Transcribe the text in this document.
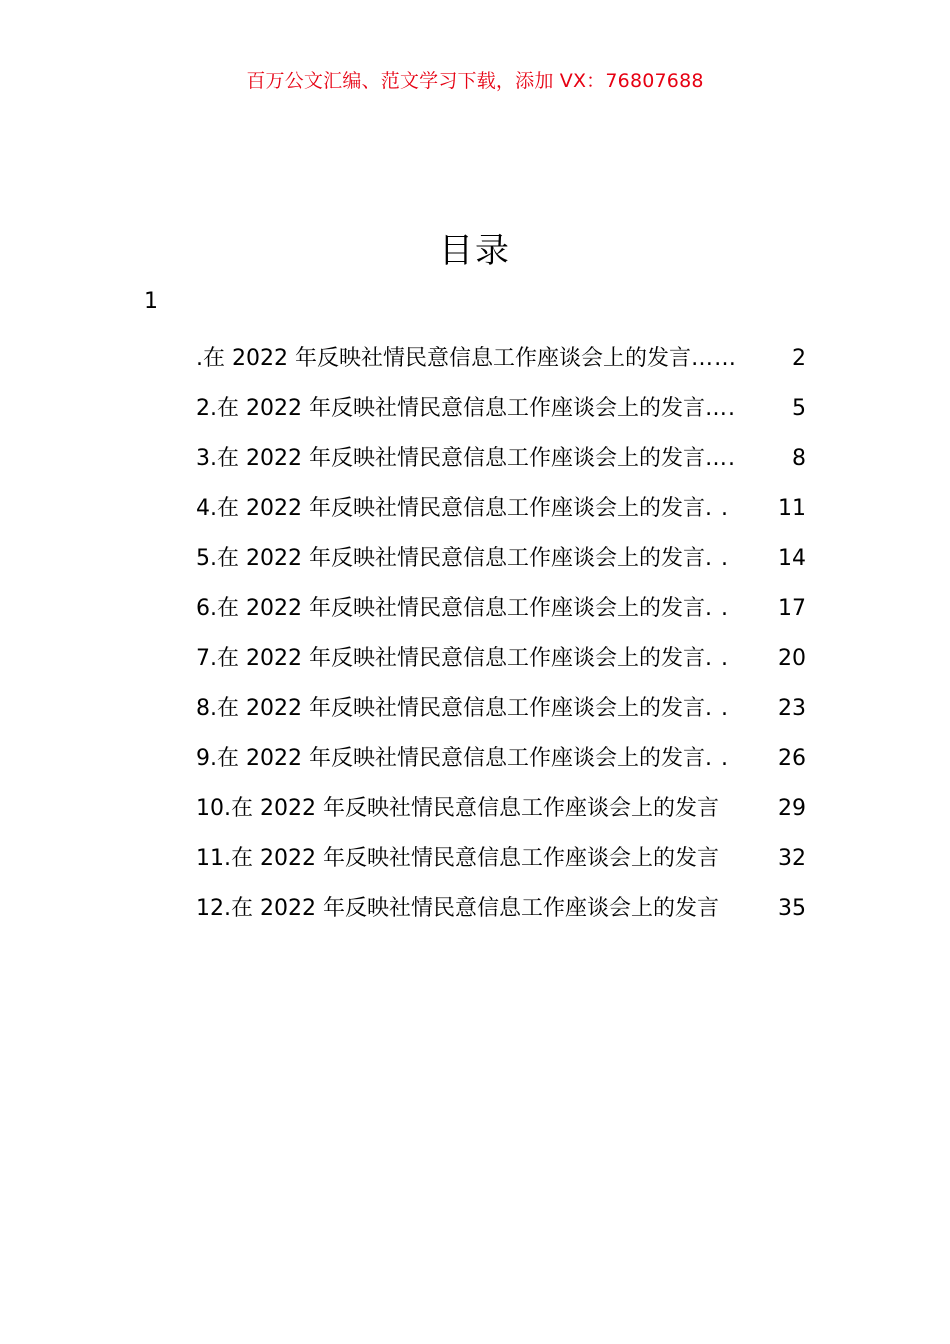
百万公文汇编、范文学习下载，添加 VX：76807688
目录
1
.在 2022 年反映社情民意信息工作座谈会上的发言 ……	2
2.在 2022 年反映社情民意信息工作座谈会上的发言 ….	5
3.在 2022 年反映社情民意信息工作座谈会上的发言 ….	8
4.在 2022 年反映社情民意信息工作座谈会上的发言 . .	11
5.在 2022 年反映社情民意信息工作座谈会上的发言 . .	14
6.在 2022 年反映社情民意信息工作座谈会上的发言 . .	17
7.在 2022 年反映社情民意信息工作座谈会上的发言 . .	20
8.在 2022 年反映社情民意信息工作座谈会上的发言 . .	23
9.在 2022 年反映社情民意信息工作座谈会上的发言 . .	26
10.在 2022 年反映社情民意信息工作座谈会上的发言	29
11.在 2022 年反映社情民意信息工作座谈会上的发言	32
12.在 2022 年反映社情民意信息工作座谈会上的发言	35
